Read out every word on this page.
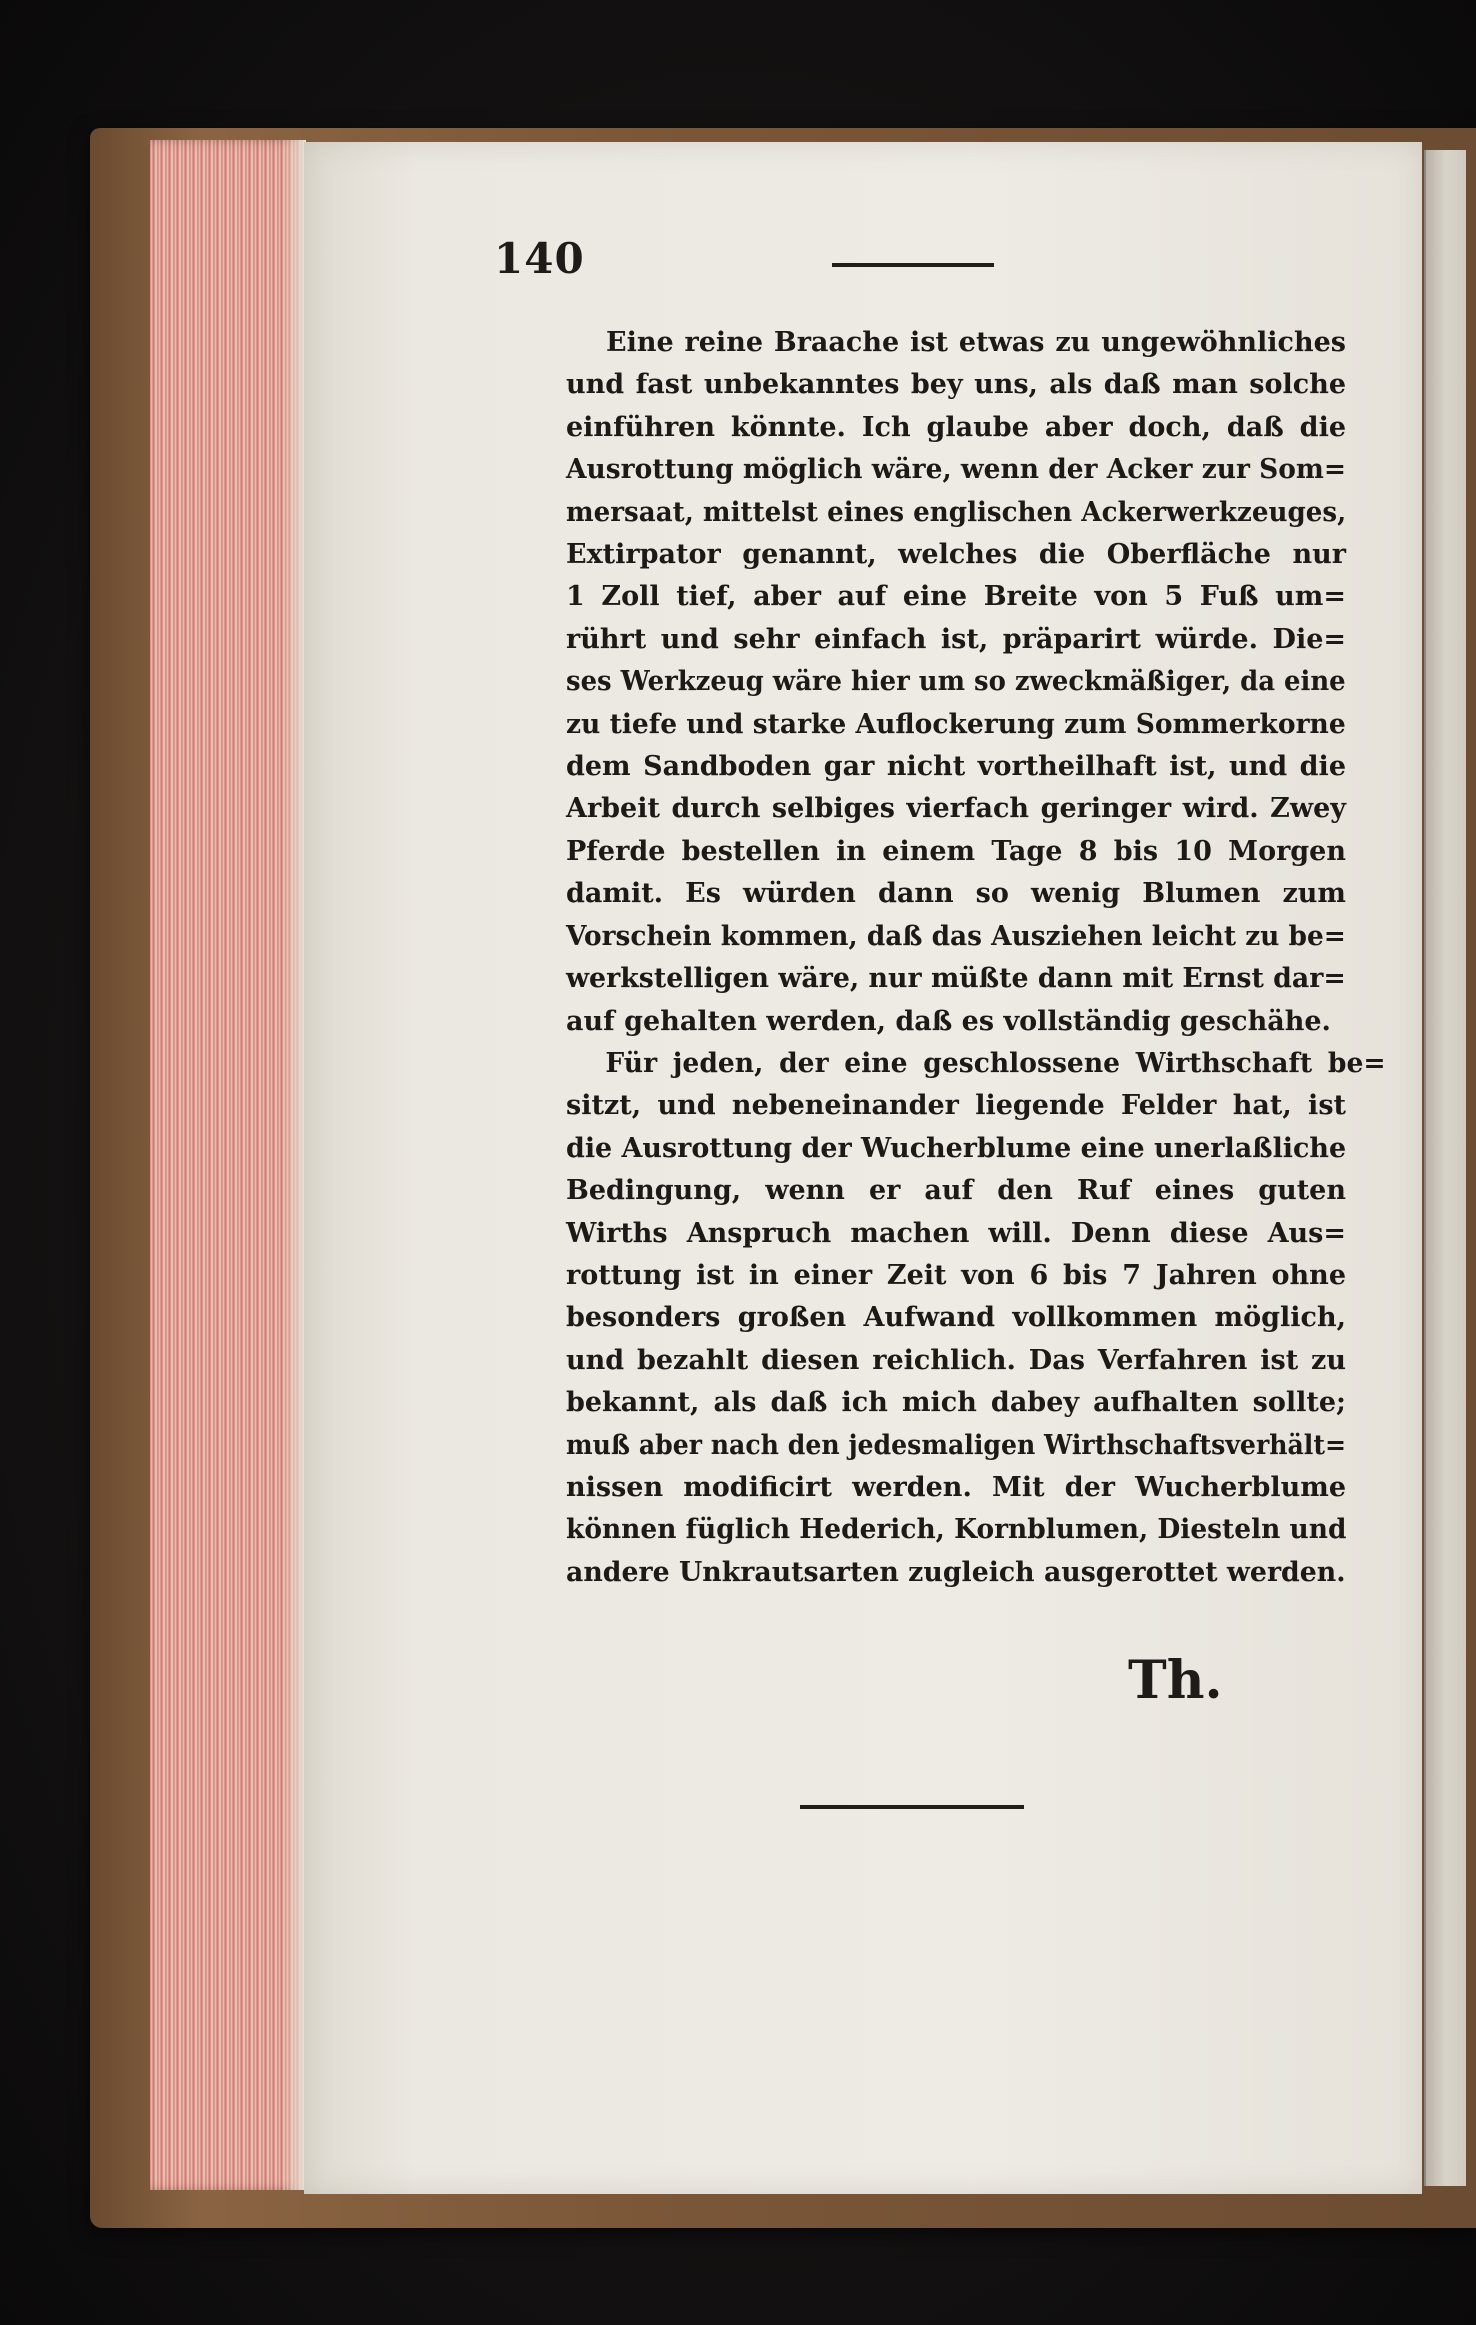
140
Eine reine Braache ist etwas zu ungewöhnliches
und fast unbekanntes bey uns, als daß man solche
einführen könnte. Ich glaube aber doch, daß die
Ausrottung möglich wäre, wenn der Acker zur Som=
mersaat, mittelst eines englischen Ackerwerkzeuges,
Extirpator genannt, welches die Oberfläche nur
1 Zoll tief, aber auf eine Breite von 5 Fuß um=
rührt und sehr einfach ist, präparirt würde. Die=
ses Werkzeug wäre hier um so zweckmäßiger, da eine
zu tiefe und starke Auflockerung zum Sommerkorne
dem Sandboden gar nicht vortheilhaft ist, und die
Arbeit durch selbiges vierfach geringer wird. Zwey
Pferde bestellen in einem Tage 8 bis 10 Morgen
damit. Es würden dann so wenig Blumen zum
Vorschein kommen, daß das Ausziehen leicht zu be=
werkstelligen wäre, nur müßte dann mit Ernst dar=
auf gehalten werden, daß es vollständig geschähe.
Für jeden, der eine geschlossene Wirthschaft be=
sitzt, und nebeneinander liegende Felder hat, ist
die Ausrottung der Wucherblume eine unerlaßliche
Bedingung, wenn er auf den Ruf eines guten
Wirths Anspruch machen will. Denn diese Aus=
rottung ist in einer Zeit von 6 bis 7 Jahren ohne
besonders großen Aufwand vollkommen möglich,
und bezahlt diesen reichlich. Das Verfahren ist zu
bekannt, als daß ich mich dabey aufhalten sollte;
muß aber nach den jedesmaligen Wirthschaftsverhält=
nissen modificirt werden. Mit der Wucherblume
können füglich Hederich, Kornblumen, Diesteln und
andere Unkrautsarten zugleich ausgerottet werden.
Th.
